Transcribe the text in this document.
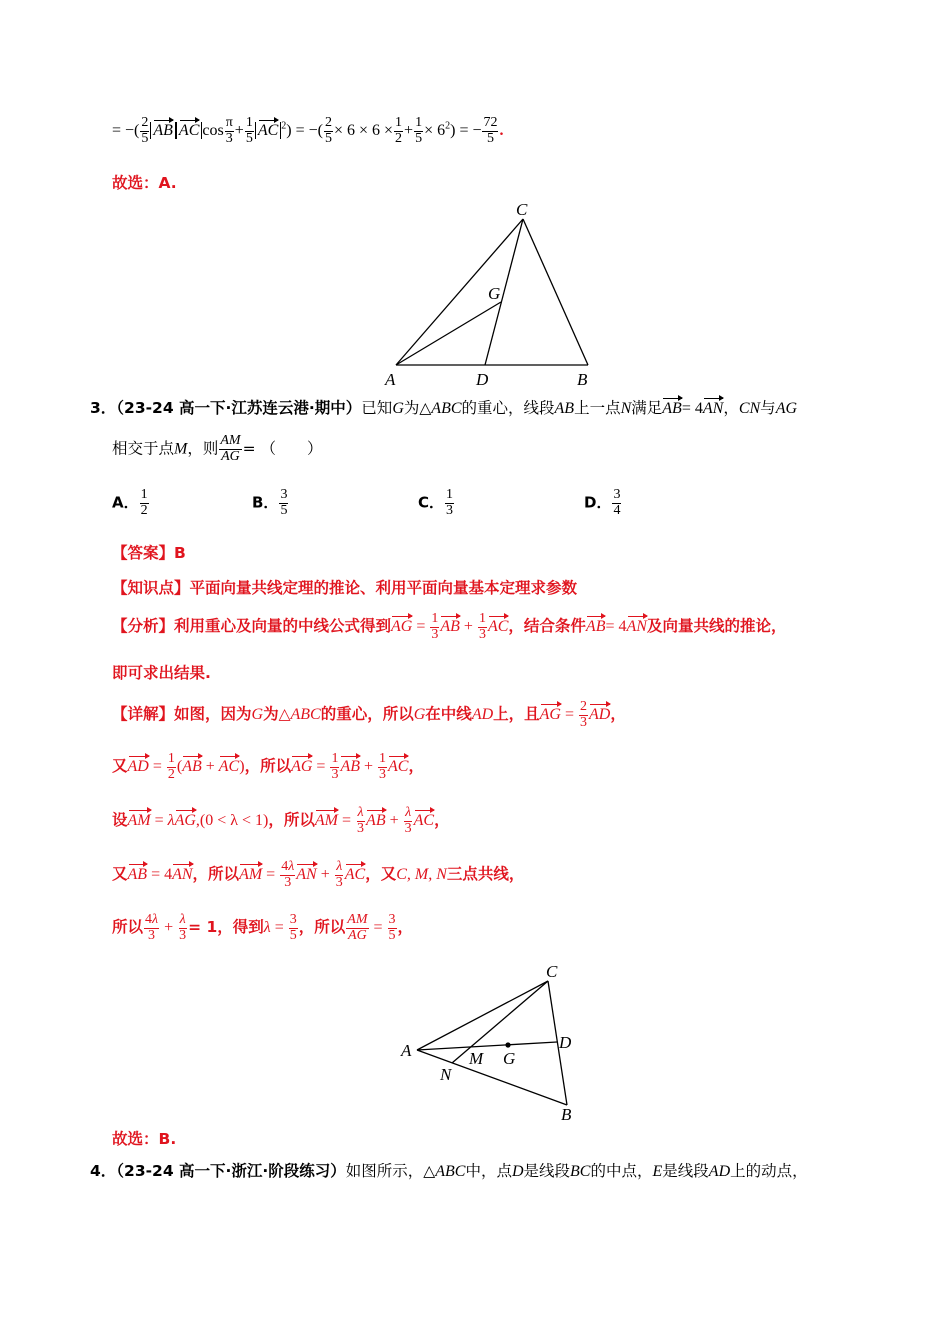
= −( $\frac{2}{5}$ AB AC $\cos \frac{\pi}{3} + \frac{1}{5}$ AC $^2$) = −( $\frac{2}{5} \times 6 \times 6 \times \frac{1}{2} + \frac{1}{5} \times 6^2$) = − $\frac{72}{5}$ .
故选：A.
C
G
A	D	B
3．（23-24 高一下·江苏连云港·期中）已知G为△ABC的重心，线段AB上一点N满足AB= 4AN，CN与AG
相交于点M，则 $\frac{AM}{AG}$ = （　　）
A． $\frac{1}{2}$	B． $\frac{3}{5}$	C． $\frac{1}{3}$	D． $\frac{3}{4}$
【答案】B
【知识点】平面向量共线定理的推论、利用平面向量基本定理求参数
【分析】利用重心及向量的中线公式得到AG = $\frac{1}{3}$ AB + $\frac{1}{3}$ AC，结合条件AB= 4AN及向量共线的推论，
即可求出结果.
【详解】如图，因为G为△ABC的重心，所以G在中线AD上，且AG = $\frac{2}{3}$ AD，
又AD = $\frac{1}{2} (AB + AC)$，所以AG = $\frac{1}{3}$ AB + $\frac{1}{3}$ AC，
设AM = λAG,(0 < λ < 1)，所以AM = $\frac{\lambda}{3}$ AB + $\frac{\lambda}{3}$ AC，
又AB = 4AN，所以AM = $\frac{4\lambda}{3}$ AN + $\frac{\lambda}{3}$ AC，又C, M, N三点共线，
所以 $\frac{4\lambda}{3} + \frac{\lambda}{3} = 1$，得到$\lambda = \frac{3}{5}$ ，所以 $\frac{AM}{AG} = \frac{3}{5}$ ，
C
A	M G
D
N
B
故选：B.
4．（23-24 高一下·浙江·阶段练习）如图所示，△ABC中，点D是线段BC的中点，E是线段AD上的动点，
